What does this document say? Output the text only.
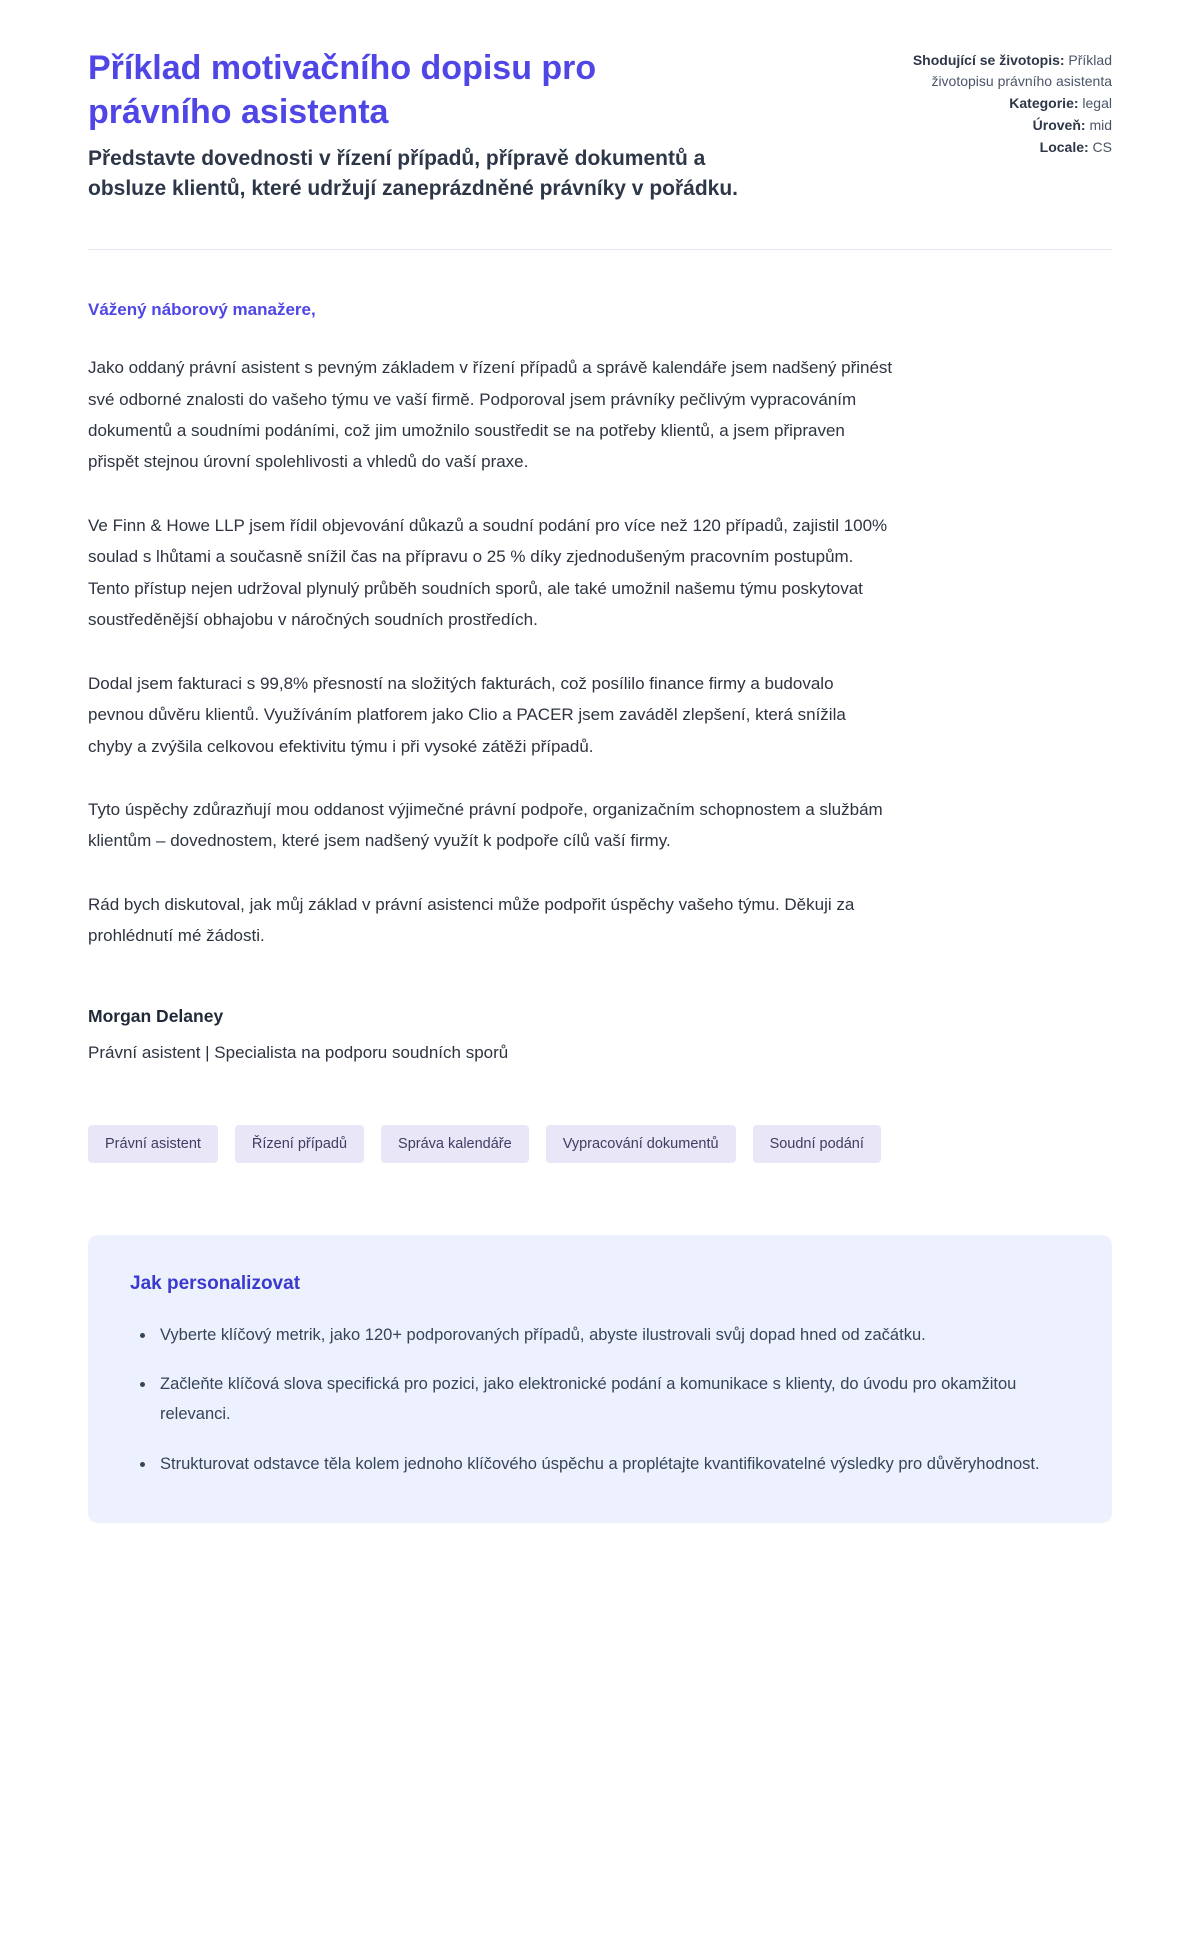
Příklad motivačního dopisu pro právního asistenta

Představte dovednosti v řízení případů, přípravě dokumentů a obsluze klientů, které udržují zaneprázdněné právníky v pořádku.

Shodující se životopis: Příklad životopisu právního asistenta
Kategorie: legal
Úroveň: mid
Locale: CS

Vážený náborový manažere,

Jako oddaný právní asistent s pevným základem v řízení případů a správě kalendáře jsem nadšený přinést své odborné znalosti do vašeho týmu ve vaší firmě. Podporoval jsem právníky pečlivým vypracováním dokumentů a soudními podáními, což jim umožnilo soustředit se na potřeby klientů, a jsem připraven přispět stejnou úrovní spolehlivosti a vhledů do vaší praxe.

Ve Finn & Howe LLP jsem řídil objevování důkazů a soudní podání pro více než 120 případů, zajistil 100% soulad s lhůtami a současně snížil čas na přípravu o 25 % díky zjednodušeným pracovním postupům. Tento přístup nejen udržoval plynulý průběh soudních sporů, ale také umožnil našemu týmu poskytovat soustředěnější obhajobu v náročných soudních prostředích.

Dodal jsem fakturaci s 99,8% přesností na složitých fakturách, což posílilo finance firmy a budovalo pevnou důvěru klientů. Využíváním platforem jako Clio a PACER jsem zaváděl zlepšení, která snížila chyby a zvýšila celkovou efektivitu týmu i při vysoké zátěži případů.

Tyto úspěchy zdůrazňují mou oddanost výjimečné právní podpoře, organizačním schopnostem a službám klientům – dovednostem, které jsem nadšený využít k podpoře cílů vaší firmy.

Rád bych diskutoval, jak můj základ v právní asistenci může podpořit úspěchy vašeho týmu. Děkuji za prohlédnutí mé žádosti.

Morgan Delaney

Právní asistent | Specialista na podporu soudních sporů

Právní asistent	Řízení případů	Správa kalendáře	Vypracování dokumentů	Soudní podání
Jak personalizovat
• Vyberte klíčový metrik, jako 120+ podporovaných případů, abyste ilustrovali svůj dopad hned od začátku.
• Začleňte klíčová slova specifická pro pozici, jako elektronické podání a komunikace s klienty, do úvodu pro okamžitou relevanci.
• Strukturovat odstavce těla kolem jednoho klíčového úspěchu a proplétajte kvantifikovatelné výsledky pro důvěryhodnost.
